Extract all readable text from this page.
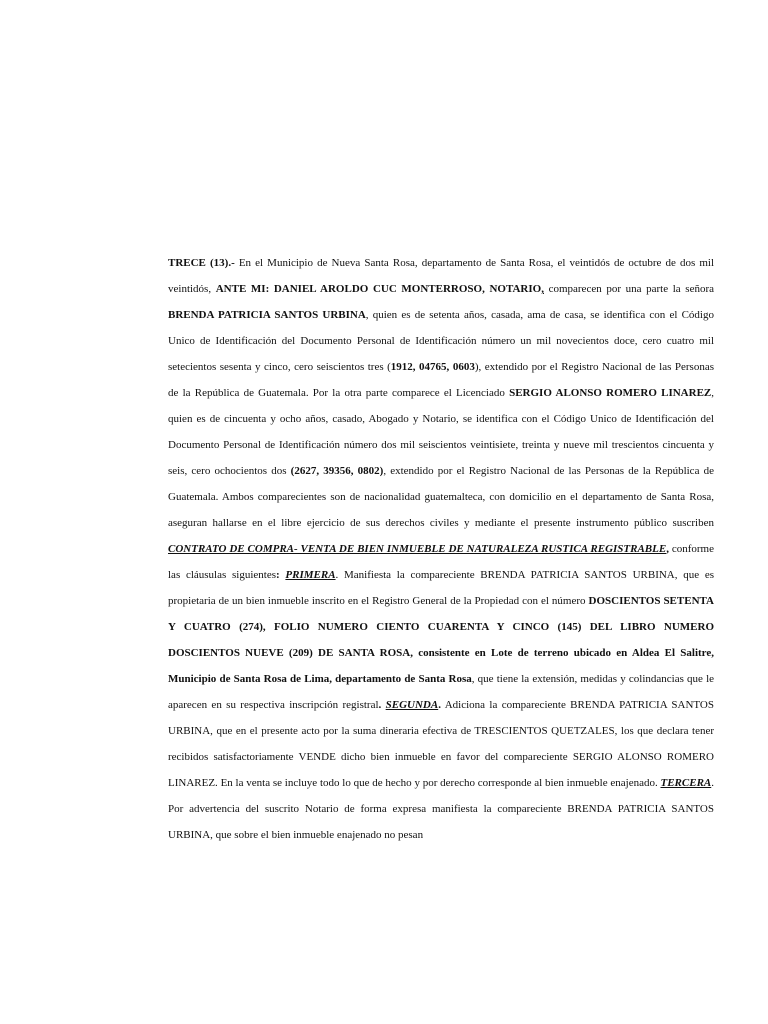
TRECE (13).- En el Municipio de Nueva Santa Rosa, departamento de Santa Rosa, el veintidós de octubre de dos mil veintidós, ANTE MI: DANIEL AROLDO CUC MONTERROSO, NOTARIO, comparecen por una parte la señora BRENDA PATRICIA SANTOS URBINA, quien es de setenta años, casada, ama de casa, se identifica con el Código Unico de Identificación del Documento Personal de Identificación número un mil novecientos doce, cero cuatro mil setecientos sesenta y cinco, cero seiscientos tres (1912, 04765, 0603), extendido por el Registro Nacional de las Personas de la República de Guatemala. Por la otra parte comparece el Licenciado SERGIO ALONSO ROMERO LINAREZ, quien es de cincuenta y ocho años, casado, Abogado y Notario, se identifica con el Código Unico de Identificación del Documento Personal de Identificación número dos mil seiscientos veintisiete, treinta y nueve mil trescientos cincuenta y seis, cero ochocientos dos (2627, 39356, 0802), extendido por el Registro Nacional de las Personas de la República de Guatemala. Ambos comparecientes son de nacionalidad guatemalteca, con domicilio en el departamento de Santa Rosa, aseguran hallarse en el libre ejercicio de sus derechos civiles y mediante el presente instrumento público suscriben CONTRATO DE COMPRA- VENTA DE BIEN INMUEBLE DE NATURALEZA RUSTICA REGISTRABLE, conforme las cláusulas siguientes: PRIMERA. Manifiesta la compareciente BRENDA PATRICIA SANTOS URBINA, que es propietaria de un bien inmueble inscrito en el Registro General de la Propiedad con el número DOSCIENTOS SETENTA Y CUATRO (274), FOLIO NUMERO CIENTO CUARENTA Y CINCO (145) DEL LIBRO NUMERO DOSCIENTOS NUEVE (209) DE SANTA ROSA, consistente en Lote de terreno ubicado en Aldea El Salitre, Municipio de Santa Rosa de Lima, departamento de Santa Rosa, que tiene la extensión, medidas y colindancias que le aparecen en su respectiva inscripción registral. SEGUNDA. Adiciona la compareciente BRENDA PATRICIA SANTOS URBINA, que en el presente acto por la suma dineraria efectiva de TRESCIENTOS QUETZALES, los que declara tener recibidos satisfactoriamente VENDE dicho bien inmueble en favor del compareciente SERGIO ALONSO ROMERO LINAREZ. En la venta se incluye todo lo que de hecho y por derecho corresponde al bien inmueble enajenado. TERCERA. Por advertencia del suscrito Notario de forma expresa manifiesta la compareciente BRENDA PATRICIA SANTOS URBINA, que sobre el bien inmueble enajenado no pesan
